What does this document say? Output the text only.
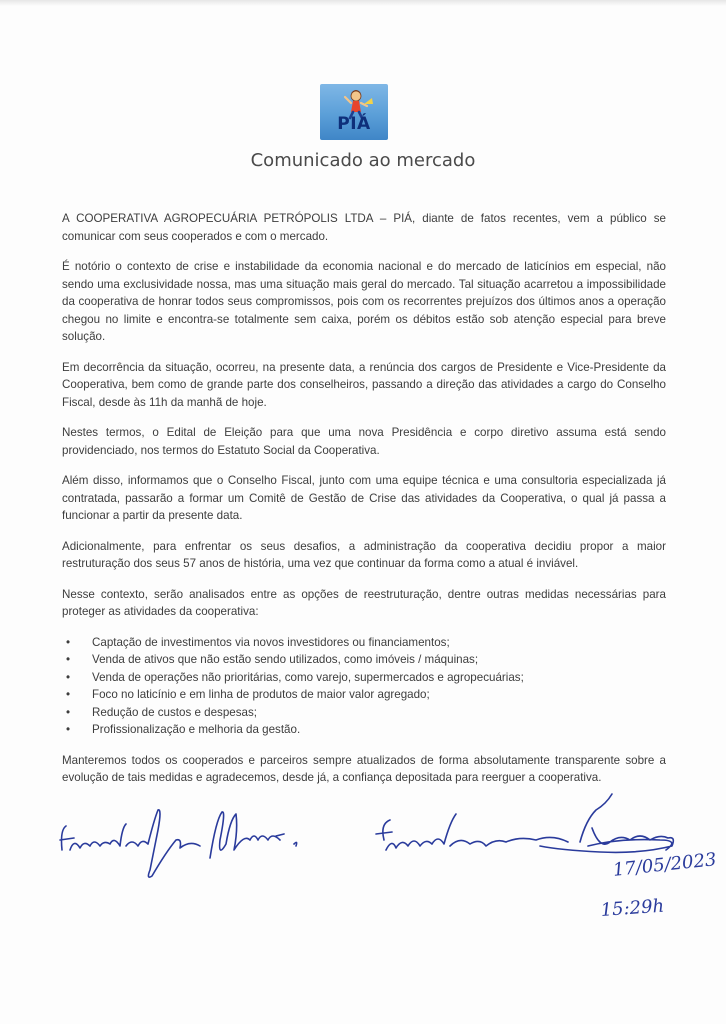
PIÁ
Comunicado ao mercado

A COOPERATIVA AGROPECUÁRIA PETRÓPOLIS LTDA – PIÁ, diante de fatos recentes, vem a público se comunicar com seus cooperados e com o mercado.

É notório o contexto de crise e instabilidade da economia nacional e do mercado de laticínios em especial, não sendo uma exclusividade nossa, mas uma situação mais geral do mercado. Tal situação acarretou a impossibilidade da cooperativa de honrar todos seus compromissos, pois com os recorrentes prejuízos dos últimos anos a operação chegou no limite e encontra-se totalmente sem caixa, porém os débitos estão sob atenção especial para breve solução.

Em decorrência da situação, ocorreu, na presente data, a renúncia dos cargos de Presidente e Vice-Presidente da Cooperativa, bem como de grande parte dos conselheiros, passando a direção das atividades a cargo do Conselho Fiscal, desde às 11h da manhã de hoje.

Nestes termos, o Edital de Eleição para que uma nova Presidência e corpo diretivo assuma está sendo providenciado, nos termos do Estatuto Social da Cooperativa.

Além disso, informamos que o Conselho Fiscal, junto com uma equipe técnica e uma consultoria especializada já contratada, passarão a formar um Comitê de Gestão de Crise das atividades da Cooperativa, o qual já passa a funcionar a partir da presente data.

Adicionalmente, para enfrentar os seus desafios, a administração da cooperativa decidiu propor a maior restruturação dos seus 57 anos de história, uma vez que continuar da forma como a atual é inviável.

Nesse contexto, serão analisados entre as opções de reestruturação, dentre outras medidas necessárias para proteger as atividades da cooperativa:

• Captação de investimentos via novos investidores ou financiamentos;
• Venda de ativos que não estão sendo utilizados, como imóveis / máquinas;
• Venda de operações não prioritárias, como varejo, supermercados e agropecuárias;
• Foco no laticínio e em linha de produtos de maior valor agregado;
• Redução de custos e despesas;
• Profissionalização e melhoria da gestão.

Manteremos todos os cooperados e parceiros sempre atualizados de forma absolutamente transparente sobre a evolução de tais medidas e agradecemos, desde já, a confiança depositada para reerguer a cooperativa.

17/05/2023
15:29h
